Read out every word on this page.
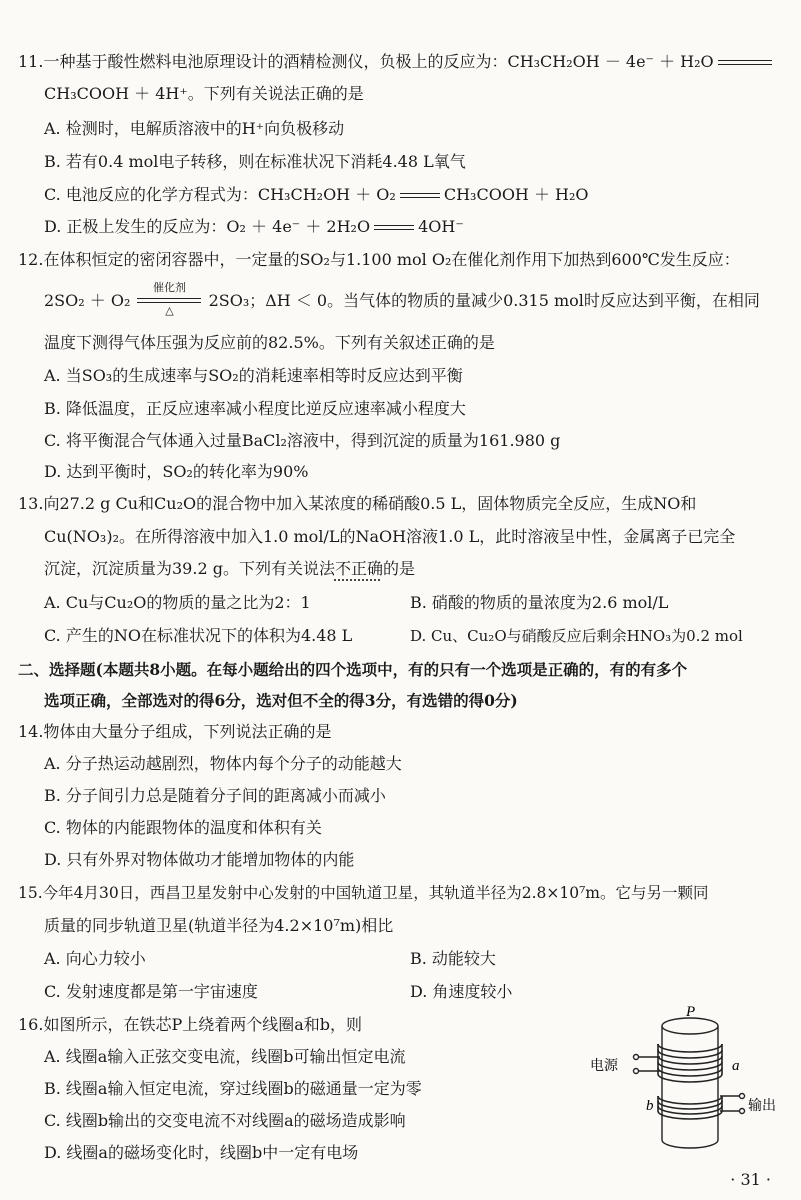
11.一种基于酸性燃料电池原理设计的酒精检测仪，负极上的反应为：CH₃CH₂OH － 4e⁻ ＋ H₂O
CH₃COOH ＋ 4H⁺。下列有关说法正确的是
A. 检测时，电解质溶液中的H⁺向负极移动
B. 若有0.4 mol电子转移，则在标准状况下消耗4.48 L氧气
C. 电池反应的化学方程式为：CH₃CH₂OH ＋ O₂	CH₃COOH ＋ H₂O
D. 正极上发生的反应为：O₂ ＋ 4e⁻ ＋ 2H₂O	4OH⁻
12.在体积恒定的密闭容器中，一定量的SO₂与1.100 mol O₂在催化剂作用下加热到600℃发生反应：
2SO₂ ＋ O₂
催化剂
△	2SO₃；ΔH ＜ 0。当气体的物质的量减少0.315 mol时反应达到平衡，在相同
温度下测得气体压强为反应前的82.5%。下列有关叙述正确的是
A. 当SO₃的生成速率与SO₂的消耗速率相等时反应达到平衡
B. 降低温度，正反应速率减小程度比逆反应速率减小程度大
C. 将平衡混合气体通入过量BaCl₂溶液中，得到沉淀的质量为161.980 g
D. 达到平衡时，SO₂的转化率为90%
13.向27.2 g Cu和Cu₂O的混合物中加入某浓度的稀硝酸0.5 L，固体物质完全反应，生成NO和
Cu(NO₃)₂。在所得溶液中加入1.0 mol/L的NaOH溶液1.0 L，此时溶液呈中性，金属离子已完全
沉淀，沉淀质量为39.2 g。下列有关说法不正确的是
A. Cu与Cu₂O的物质的量之比为2：1	B. 硝酸的物质的量浓度为2.6 mol/L
C. 产生的NO在标准状况下的体积为4.48 L	D. Cu、Cu₂O与硝酸反应后剩余HNO₃为0.2 mol
二、选择题(本题共8小题。在每小题给出的四个选项中，有的只有一个选项是正确的，有的有多个
选项正确，全部选对的得6分，选对但不全的得3分，有选错的得0分)
14.物体由大量分子组成，下列说法正确的是
A. 分子热运动越剧烈，物体内每个分子的动能越大
B. 分子间引力总是随着分子间的距离减小而减小
C. 物体的内能跟物体的温度和体积有关
D. 只有外界对物体做功才能增加物体的内能
15.今年4月30日，西昌卫星发射中心发射的中国轨道卫星，其轨道半径为2.8×10⁷m。它与另一颗同
质量的同步轨道卫星(轨道半径为4.2×10⁷m)相比
A. 向心力较小	B. 动能较大
C. 发射速度都是第一宇宙速度	D. 角速度较小
16.如图所示，在铁芯P上绕着两个线圈a和b，则
A. 线圈a输入正弦交变电流，线圈b可输出恒定电流
B. 线圈a输入恒定电流，穿过线圈b的磁通量一定为零
C. 线圈b输出的交变电流不对线圈a的磁场造成影响
D. 线圈a的磁场变化时，线圈b中一定有电场
P
电源	a
b	输出
· 31 ·
